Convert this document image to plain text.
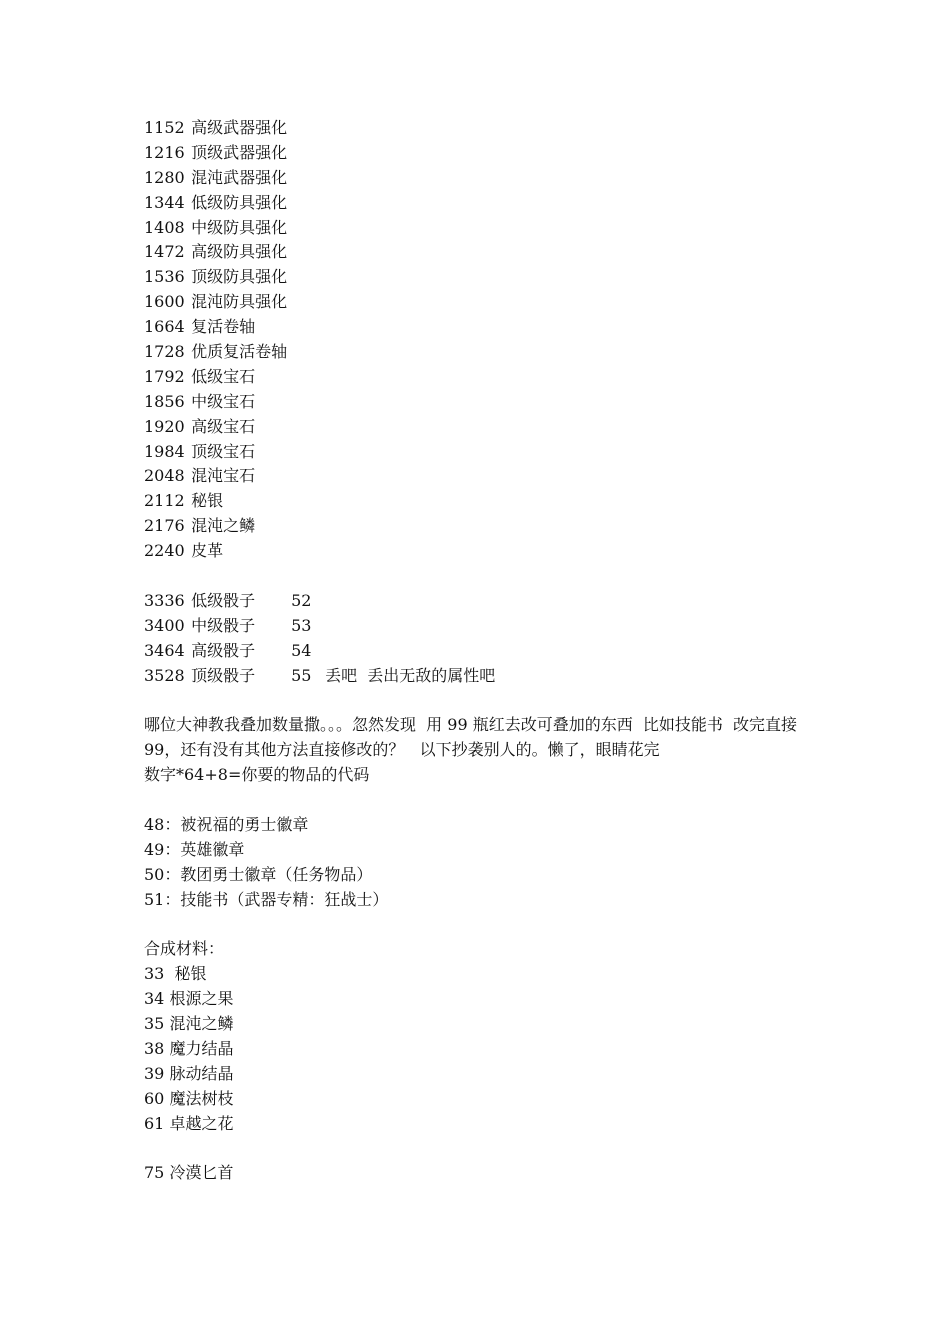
1152 高级武器强化
1216 顶级武器强化
1280 混沌武器强化
1344 低级防具强化
1408 中级防具强化
1472 高级防具强化
1536 顶级防具强化
1600 混沌防具强化
1664 复活卷轴
1728 优质复活卷轴
1792 低级宝石
1856 中级宝石
1920 高级宝石
1984 顶级宝石
2048 混沌宝石
2112 秘银
2176 混沌之鳞
2240 皮革
3336 低级骰子 52
3400 中级骰子 53
3464 高级骰子 54
3528 顶级骰子 55 丢吧  丢出无敌的属性吧
哪位大神教我叠加数量撒。。。忽然发现  用 99 瓶红去改可叠加的东西  比如技能书  改完直接
99，还有没有其他方法直接修改的？   以下抄袭别人的。懒了，眼睛花完
数字*64+8=你要的物品的代码
48：被祝福的勇士徽章
49：英雄徽章
50：教团勇士徽章（任务物品）
51：技能书（武器专精：狂战士）
合成材料：
33  秘银
34 根源之果
35 混沌之鳞
38 魔力结晶
39 脉动结晶
60 魔法树枝
61 卓越之花
75 冷漠匕首
